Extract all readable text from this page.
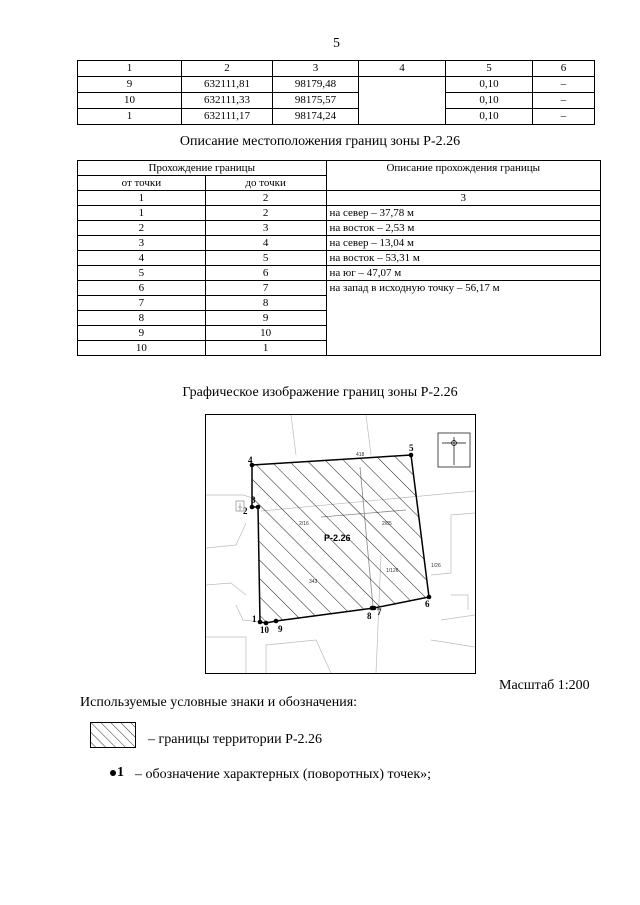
5
1	2	3	4	5	6
9	632111,81	98179,48		0,10	–
10	632111,33	98175,57		0,10	–
1	632111,17	98174,24		0,10	–
Описание местоположения границ зоны Р-2.26
Прохождение границы		Описание прохождения границы
от точки	до точки	
1	2	3
1	2	на север – 37,78 м
2	3	на восток – 2,53 м
3	4	на север – 13,04 м
4	5	на восток – 53,31 м
5	6	на юг – 47,07 м
6	7	на запад в исходную точку – 56,17 м
7	8	
8	9	
9	10	
10	1	
Графическое изображение границ зоны Р-2.26
Р-2.26
418
2/16	2/85
343
1/126
1/26
1
2
3
4
5
6
7
8
9
10
Масштаб 1:200
Используемые условные знаки и обозначения:
– границы территории Р-2.26
1 – обозначение характерных (поворотных) точек»;
